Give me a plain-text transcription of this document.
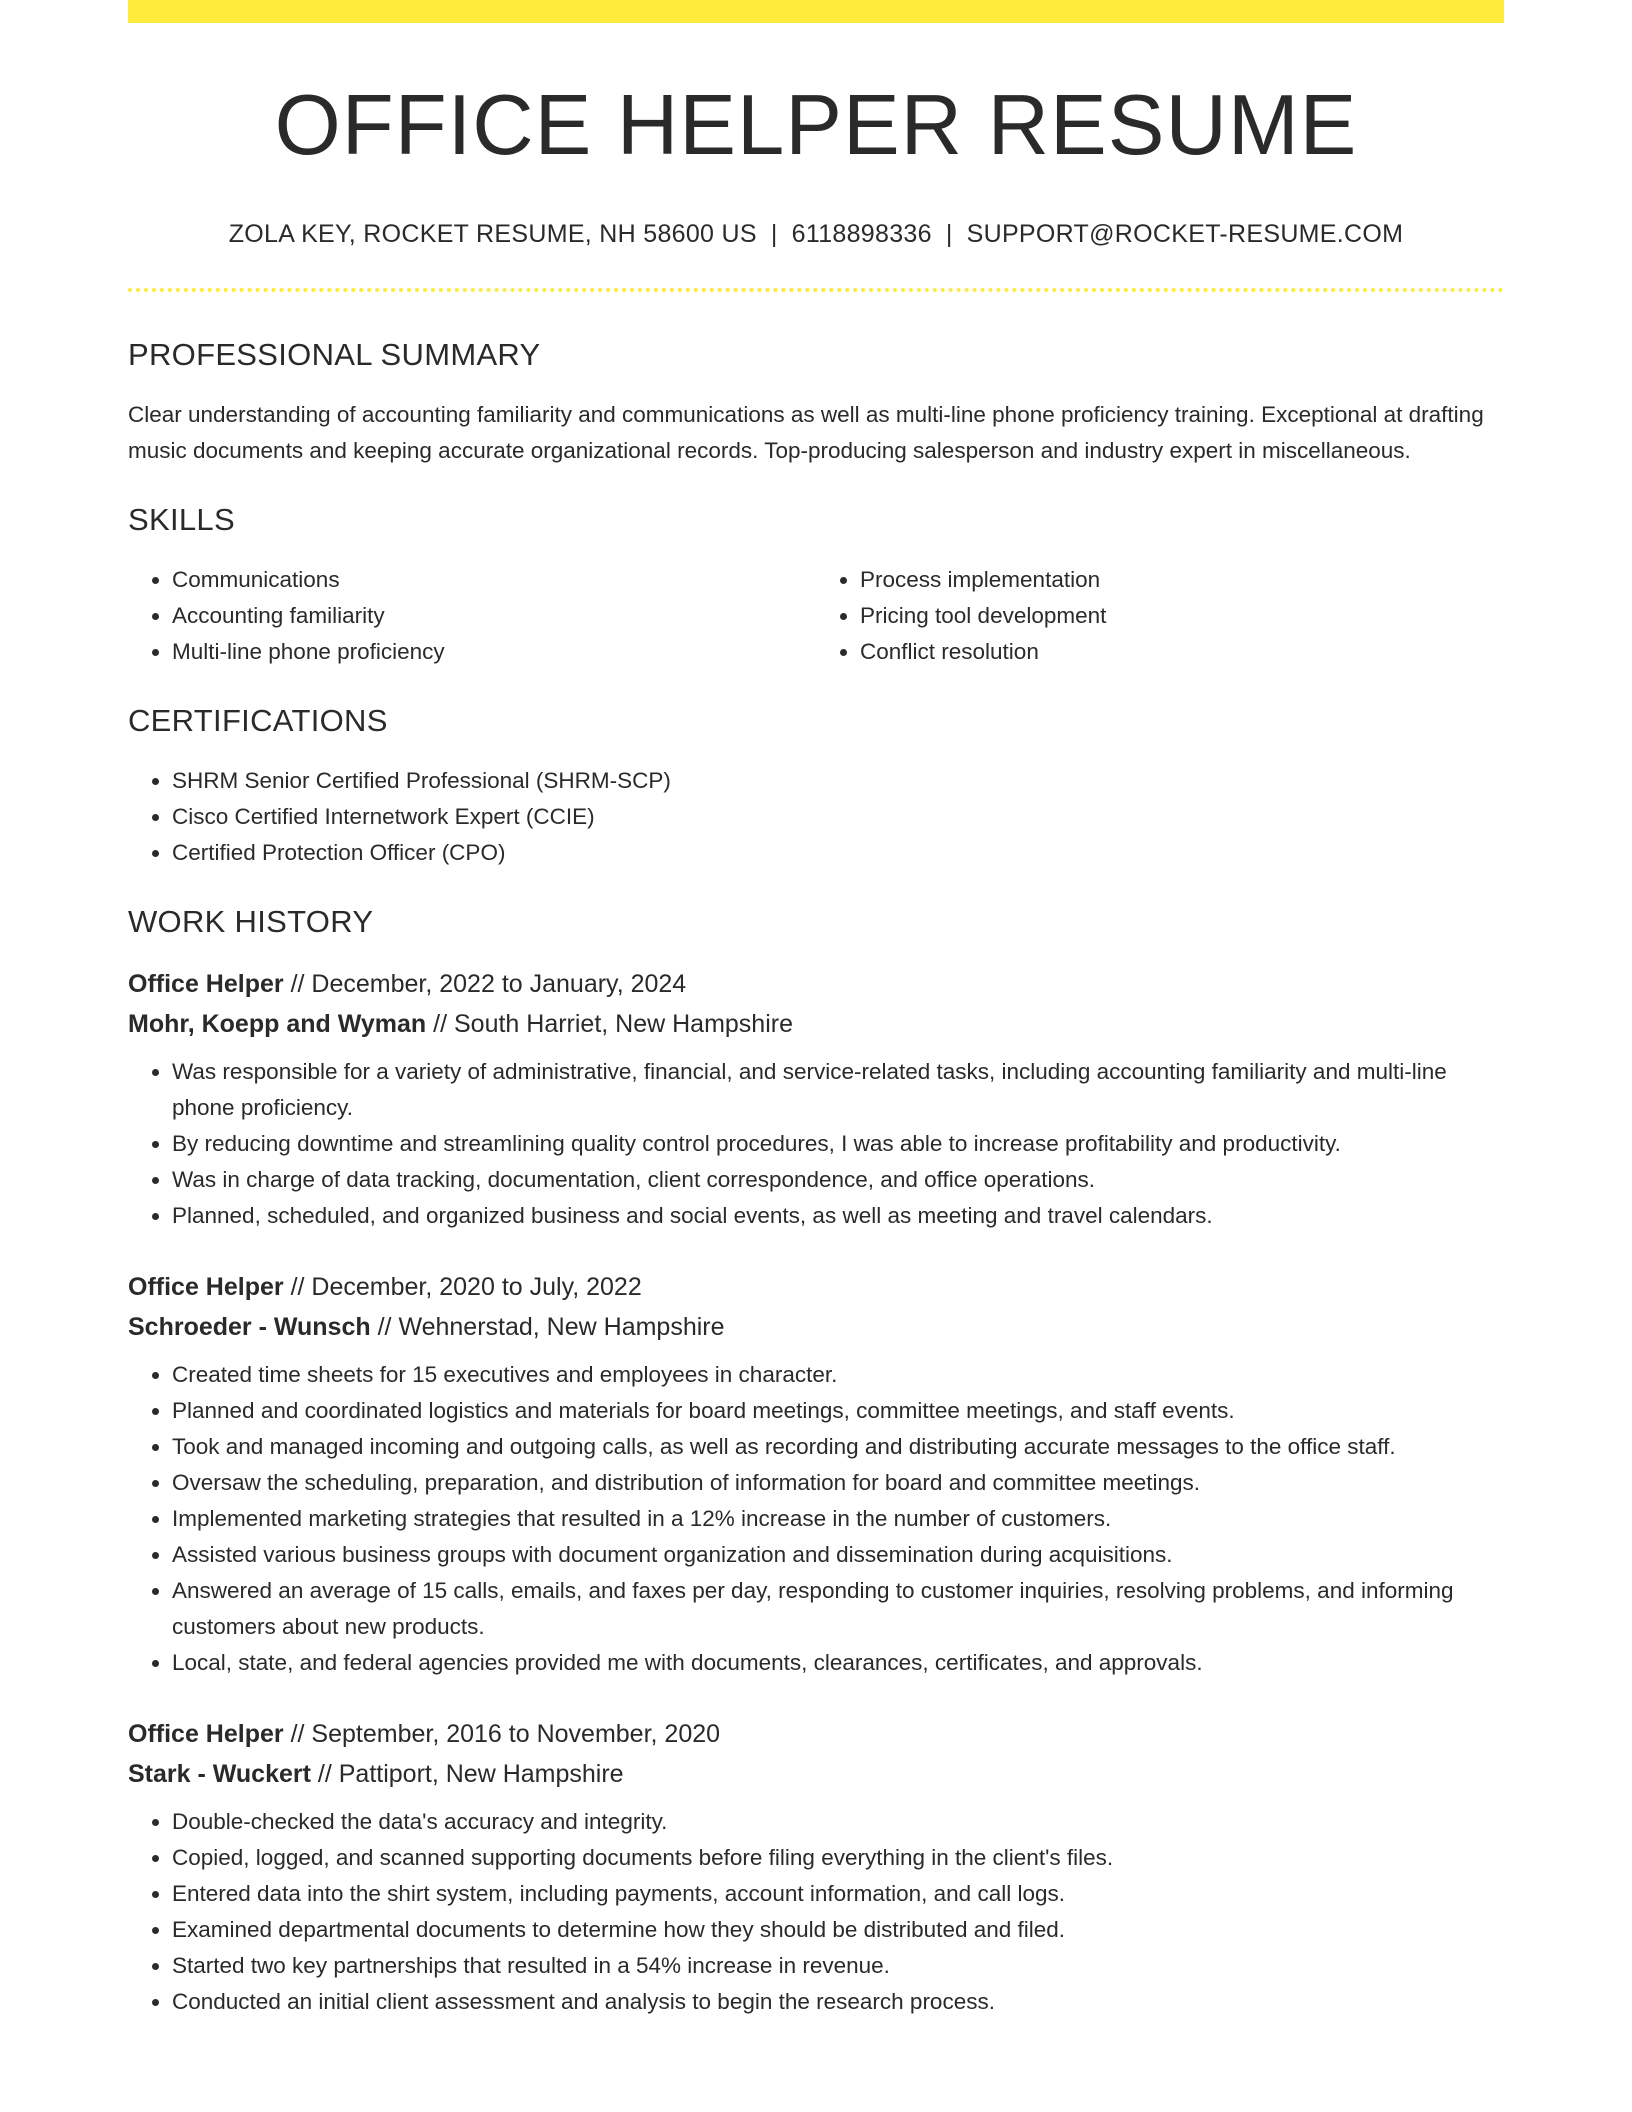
OFFICE HELPER RESUME
ZOLA KEY, ROCKET RESUME, NH 58600 US | 6118898336 | SUPPORT@ROCKET-RESUME.COM
PROFESSIONAL SUMMARY
Clear understanding of accounting familiarity and communications as well as multi-line phone proficiency training. Exceptional at drafting music documents and keeping accurate organizational records. Top-producing salesperson and industry expert in miscellaneous.
SKILLS
• Communications
• Accounting familiarity
• Multi-line phone proficiency
• Process implementation
• Pricing tool development
• Conflict resolution
CERTIFICATIONS
• SHRM Senior Certified Professional (SHRM-SCP)
• Cisco Certified Internetwork Expert (CCIE)
• Certified Protection Officer (CPO)
WORK HISTORY
Office Helper // December, 2022 to January, 2024
Mohr, Koepp and Wyman // South Harriet, New Hampshire
• Was responsible for a variety of administrative, financial, and service-related tasks, including accounting familiarity and multi-line phone proficiency.
• By reducing downtime and streamlining quality control procedures, I was able to increase profitability and productivity.
• Was in charge of data tracking, documentation, client correspondence, and office operations.
• Planned, scheduled, and organized business and social events, as well as meeting and travel calendars.
Office Helper // December, 2020 to July, 2022
Schroeder - Wunsch // Wehnerstad, New Hampshire
• Created time sheets for 15 executives and employees in character.
• Planned and coordinated logistics and materials for board meetings, committee meetings, and staff events.
• Took and managed incoming and outgoing calls, as well as recording and distributing accurate messages to the office staff.
• Oversaw the scheduling, preparation, and distribution of information for board and committee meetings.
• Implemented marketing strategies that resulted in a 12% increase in the number of customers.
• Assisted various business groups with document organization and dissemination during acquisitions.
• Answered an average of 15 calls, emails, and faxes per day, responding to customer inquiries, resolving problems, and informing customers about new products.
• Local, state, and federal agencies provided me with documents, clearances, certificates, and approvals.
Office Helper // September, 2016 to November, 2020
Stark - Wuckert // Pattiport, New Hampshire
• Double-checked the data's accuracy and integrity.
• Copied, logged, and scanned supporting documents before filing everything in the client's files.
• Entered data into the shirt system, including payments, account information, and call logs.
• Examined departmental documents to determine how they should be distributed and filed.
• Started two key partnerships that resulted in a 54% increase in revenue.
• Conducted an initial client assessment and analysis to begin the research process.
